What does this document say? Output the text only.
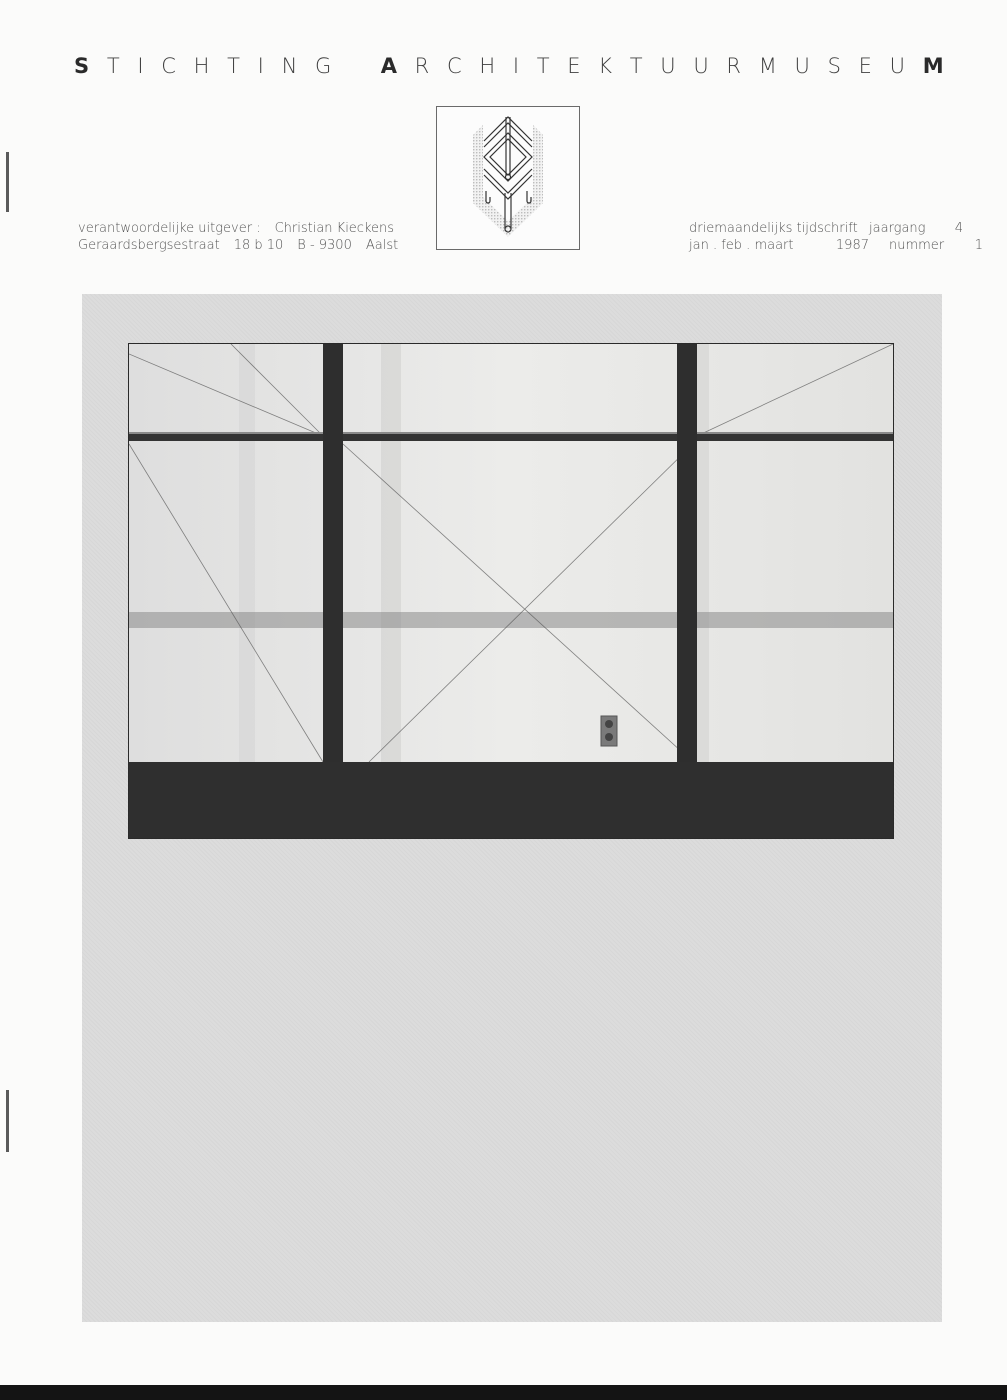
S T I C H T I N G A R C H I T E K T U U R M U S E U M
verantwoordelijke uitgever : Christian Kieckens
Geraardsbergsestraat 18 b 10 B - 9300 Aalst
driemaandelijks tijdschrift jaargang	4
jan . feb . maart	1987	nummer	1
